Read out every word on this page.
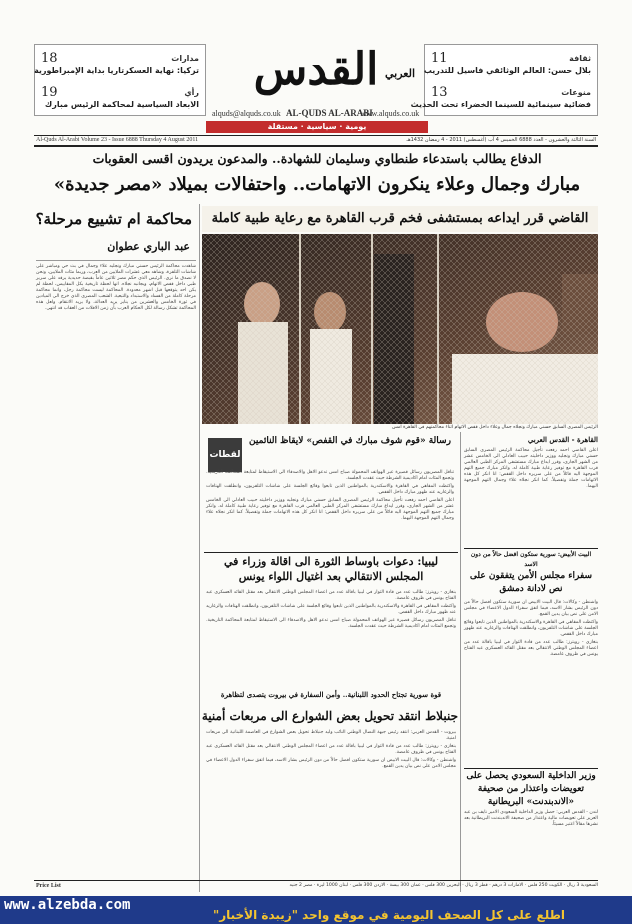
مدارات
18
تركيا: نهاية العسكرتاريا بداية الإمبراطورية
رأي
19
الابعاد السياسية لمحاكمة الرئيس مبارك
ثقافة
11
بلال حسن: العالم الوثائقي فاسيل للتدريب
منوعات
13
فضائية سينمائية للسينما الخضراء تحت الحديث
القدس العربي
alquds@alquds.co.uk AL-QUDS AL-ARABI
www.alquds.co.uk
يومية · سياسية · مستقلة
Al-Quds Al-Arabi Volume 23 - Issue 6888 Thursday 4 August 2011	السنة الثالثة والعشرون - العدد 6888 الخميس 4 آب (أغسطس) 2011 - 4 رمضان 1432هـ
الدفاع يطالب باستدعاء طنطاوي وسليمان للشهادة.. والمدعون يريدون اقسى العقوبات
مبارك وجمال وعلاء ينكرون الاتهامات.. واحتفالات بميلاد «مصر جديدة»
القاضي قرر ايداعه بمستشفى فخم قرب القاهرة مع رعاية طبية كاملة
الرئيس المصري السابق حسني مبارك ونجلاه جمال وعلاء داخل قفص الاتهام اثناء محاكمتهم في القاهرة امس
محاكمة ام تشييع مرحلة؟
عبد الباري عطوان

شاهدت محاكمة الرئيس حسني مبارك ونجليه علاء وجمال في بث حي ومباشر على شاشات التلفزة، وشاهد معي عشرات الملايين من العرب، وربما مئات الملايين، ونحن لا نصدق ما نرى. الرئيس الذي حكم مصر ثلاثين عاماً بقبضة حديدية يرقد على سرير طبي داخل قفص الاتهام، وبجانبه نجلاه. انها لحظة تاريخية بكل المقاييس، لحظة لم يكن احد يتوقعها قبل اشهر معدودة. المحاكمة ليست محاكمة رجل، وانما محاكمة مرحلة كاملة من الفساد والاستبداد والتبعية. الشعب المصري الذي خرج الى الميادين في ثورة الخامس والعشرين من يناير يريد العدالة، ولا يريد الانتقام. ولعل هذه المحاكمة تشكل رسالة لكل الحكام العرب بأن زمن الافلات من العقاب قد انتهى.

لقطات
رسالة «قوم شوف مبارك في القفص» لايقاظ النائمين

تناقل المصريون رسائل قصيرة عبر الهواتف المحمولة صباح امس تدعو الاهل والاصدقاء الى الاستيقاظ لمتابعة المحاكمة التاريخية. وتجمع المئات امام اكاديمية الشرطة حيث عقدت الجلسة.

واكتظت المقاهي في القاهرة والاسكندرية بالمواطنين الذين تابعوا وقائع الجلسة على شاشات التلفزيون، وانطلقت الهتافات والزغاريد عند ظهور مبارك داخل القفص.

اعلن القاضي احمد رفعت تأجيل محاكمة الرئيس المصري السابق حسني مبارك ونجليه ووزير داخليته حبيب العادلي الى الخامس عشر من الشهر الجاري، وقرر ايداع مبارك مستشفى المركز الطبي العالمي قرب القاهرة مع توفير رعاية طبية كاملة له. وانكر مبارك جميع التهم الموجهة اليه قائلاً من على سريره داخل القفص: انا انكر كل هذه الاتهامات جملة وتفصيلاً. كما انكر نجلاه علاء وجمال التهم الموجهة اليهما.

ليبيا: دعوات باوساط الثورة الى اقالة وزراء في المجلس الانتقالي بعد اغتيال اللواء يونس

بنغازي - رويترز: طالب عدد من قادة الثوار في ليبيا باقالة عدد من اعضاء المجلس الوطني الانتقالي بعد مقتل القائد العسكري عبد الفتاح يونس في ظروف غامضة.

واكتظت المقاهي في القاهرة والاسكندرية بالمواطنين الذين تابعوا وقائع الجلسة على شاشات التلفزيون، وانطلقت الهتافات والزغاريد عند ظهور مبارك داخل القفص.

تناقل المصريون رسائل قصيرة عبر الهواتف المحمولة صباح امس تدعو الاهل والاصدقاء الى الاستيقاظ لمتابعة المحاكمة التاريخية. وتجمع المئات امام اكاديمية الشرطة حيث عقدت الجلسة.

قوة سورية تجتاح الحدود اللبنانية.. وأمن السفارة في بيروت يتصدى لتظاهرة
جنبلاط انتقد تحويل بعض الشوارع الى مربعات أمنية

بيروت - القدس العربي: انتقد رئيس جبهة النضال الوطني النائب وليد جنبلاط تحويل بعض الشوارع في العاصمة اللبنانية الى مربعات امنية.

بنغازي - رويترز: طالب عدد من قادة الثوار في ليبيا باقالة عدد من اعضاء المجلس الوطني الانتقالي بعد مقتل القائد العسكري عبد الفتاح يونس في ظروف غامضة.

واشنطن - وكالات: قال البيت الابيض ان سورية ستكون افضل حالاً من دون الرئيس بشار الاسد، فيما اتفق سفراء الدول الاعضاء في مجلس الامن على نص بيان يدين القمع.

القاهرة - القدس العربي

اعلن القاضي احمد رفعت تأجيل محاكمة الرئيس المصري السابق حسني مبارك ونجليه ووزير داخليته حبيب العادلي الى الخامس عشر من الشهر الجاري، وقرر ايداع مبارك مستشفى المركز الطبي العالمي قرب القاهرة مع توفير رعاية طبية كاملة له. وانكر مبارك جميع التهم الموجهة اليه قائلاً من على سريره داخل القفص: انا انكر كل هذه الاتهامات جملة وتفصيلاً. كما انكر نجلاه علاء وجمال التهم الموجهة اليهما.

البيت الأبيض: سورية ستكون افضل حالاً من دون الاسد
سفراء مجلس الأمن يتفقون على نص لادانة دمشق

واشنطن - وكالات: قال البيت الابيض ان سورية ستكون افضل حالاً من دون الرئيس بشار الاسد، فيما اتفق سفراء الدول الاعضاء في مجلس الامن على نص بيان يدين القمع.

واكتظت المقاهي في القاهرة والاسكندرية بالمواطنين الذين تابعوا وقائع الجلسة على شاشات التلفزيون، وانطلقت الهتافات والزغاريد عند ظهور مبارك داخل القفص.

بنغازي - رويترز: طالب عدد من قادة الثوار في ليبيا باقالة عدد من اعضاء المجلس الوطني الانتقالي بعد مقتل القائد العسكري عبد الفتاح يونس في ظروف غامضة.

وزير الداخلية السعودي يحصل على تعويضات واعتذار من صحيفة «الاندبندنت» البريطانية

لندن - القدس العربي: حصل وزير الداخلية السعودي الامير نايف بن عبد العزيز على تعويضات مالية واعتذار من صحيفة الاندبندنت البريطانية بعد نشرها مقالاً اعتبر مسيئاً.

Price List	السعودية 3 ريال · الكويت 250 فلس · الامارات 3 درهم · قطر 3 ريال · البحرين 300 فلس · عمان 300 بيسة · الاردن 300 فلس · لبنان 1000 ليرة · مصر 2 جنيه
www.alzebda.com
اطلع على كل الصحف اليومية في موقع واحد "زيبدة الأخبار"
